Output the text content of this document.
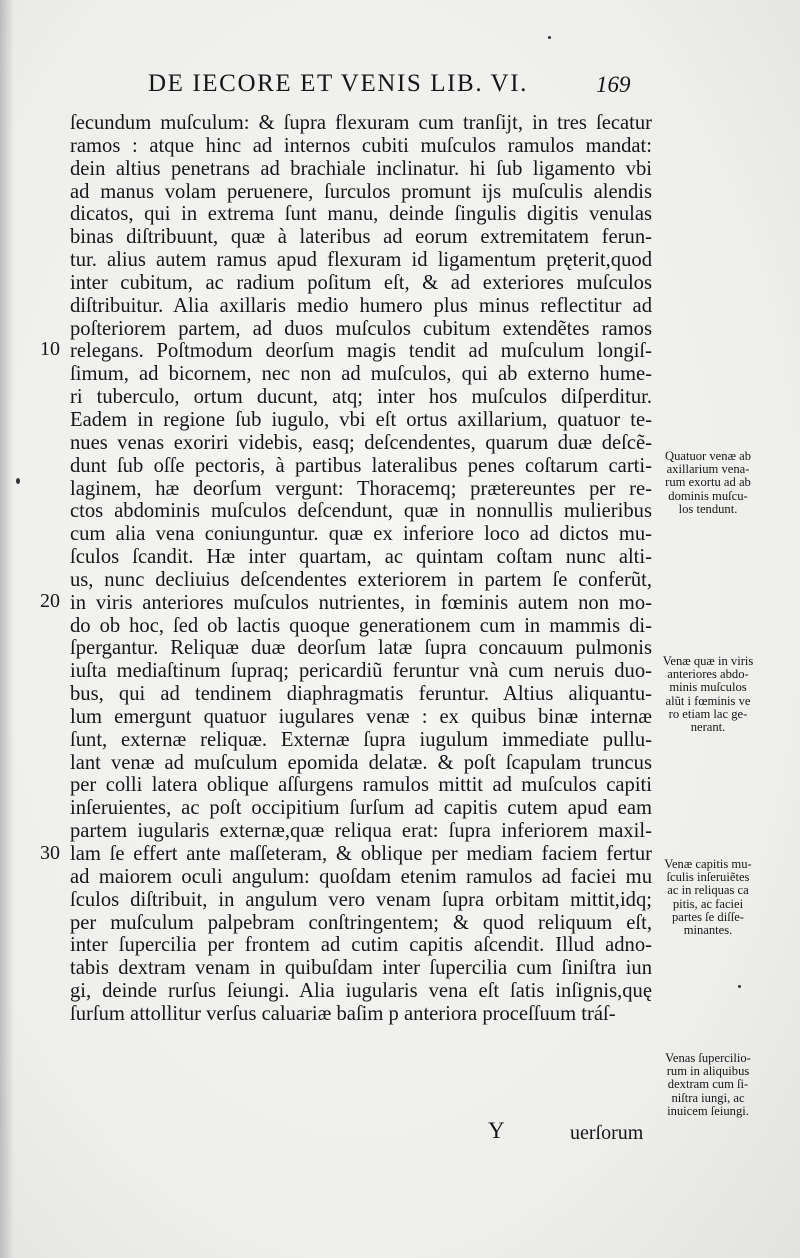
DE IECORE ET VENIS LIB. VI.	169
ſecundum muſculum: & ſupra flexuram cum tranſijt, in tres ſecatur
ramos : atque hinc ad internos cubiti muſculos ramulos mandat:
dein altius penetrans ad brachiale inclinatur. hi ſub ligamento vbi
ad manus volam peruenere, ſurculos promunt ijs muſculis alendis
dicatos, qui in extrema ſunt manu, deinde ſingulis digitis venulas
binas diſtribuunt, quæ à lateribus ad eorum extremitatem ferun-
tur. alius autem ramus apud flexuram id ligamentum pręterit,quod
inter cubitum, ac radium poſitum eſt, & ad exteriores muſculos
diſtribuitur. Alia axillaris medio humero plus minus reflectitur ad
poſteriorem partem, ad duos muſculos cubitum extendẽtes ramos
relegans. Poſtmodum deorſum magis tendit ad muſculum longiſ-
ſimum, ad bicornem, nec non ad muſculos, qui ab externo hume-
ri tuberculo, ortum ducunt, atq; inter hos muſculos diſperditur.
Eadem in regione ſub iugulo, vbi eſt ortus axillarium, quatuor te-
nues venas exoriri videbis, easq; deſcendentes, quarum duæ deſcẽ-
dunt ſub oſſe pectoris, à partibus lateralibus penes coſtarum carti-
laginem, hæ deorſum vergunt: Thoracemq; prætereuntes per re-
ctos abdominis muſculos deſcendunt, quæ in nonnullis mulieribus
cum alia vena coniunguntur. quæ ex inferiore loco ad dictos mu-
ſculos ſcandit. Hæ inter quartam, ac quintam coſtam nunc alti-
us, nunc decliuius deſcendentes exteriorem in partem ſe conferũt,
in viris anteriores muſculos nutrientes, in fœminis autem non mo-
do ob hoc, ſed ob lactis quoque generationem cum in mammis di-
ſpergantur. Reliquæ duæ deorſum latæ ſupra concauum pulmonis
iuſta mediaſtinum ſupraq; pericardiũ feruntur vnà cum neruis duo-
bus, qui ad tendinem diaphragmatis feruntur. Altius aliquantu-
lum emergunt quatuor iugulares venæ : ex quibus binæ internæ
ſunt, externæ reliquæ. Externæ ſupra iugulum immediate pullu-
lant venæ ad muſculum epomida delatæ. & poſt ſcapulam truncus
per colli latera oblique aſſurgens ramulos mittit ad muſculos capiti
inſeruientes, ac poſt occipitium ſurſum ad capitis cutem apud eam
partem iugularis externæ,quæ reliqua erat: ſupra inferiorem maxil-
lam ſe effert ante maſſeteram, & oblique per mediam faciem fertur
ad maiorem oculi angulum: quoſdam etenim ramulos ad faciei mu
ſculos diſtribuit, in angulum vero venam ſupra orbitam mittit,idq;
per muſculum palpebram conſtringentem; & quod reliquum eſt,
inter ſupercilia per frontem ad cutim capitis aſcendit. Illud adno-
tabis dextram venam in quibuſdam inter ſupercilia cum ſiniſtra iun
gi, deinde rurſus ſeiungi. Alia iugularis vena eſt ſatis inſignis,quę
ſurſum attollitur verſus caluariæ baſim p anteriora proceſſuum tráſ-
10
20
30
Quatuor venæ ab
axillarium vena-
rum exortu ad ab
dominis muſcu-
los tendunt.
Venæ quæ in viris
anteriores abdo-
minis muſculos
alũt i fœminis ve
ro etiam lac ge-
nerant.
Venæ capitis mu-
ſculis inſeruiẽtes
ac in reliquas ca
pitis, ac faciei
partes ſe diſſe-
minantes.
Venas ſupercilio-
rum in aliquibus
dextram cum ſi-
niſtra iungi, ac
inuicem ſeiungi.
Y	uerſorum
